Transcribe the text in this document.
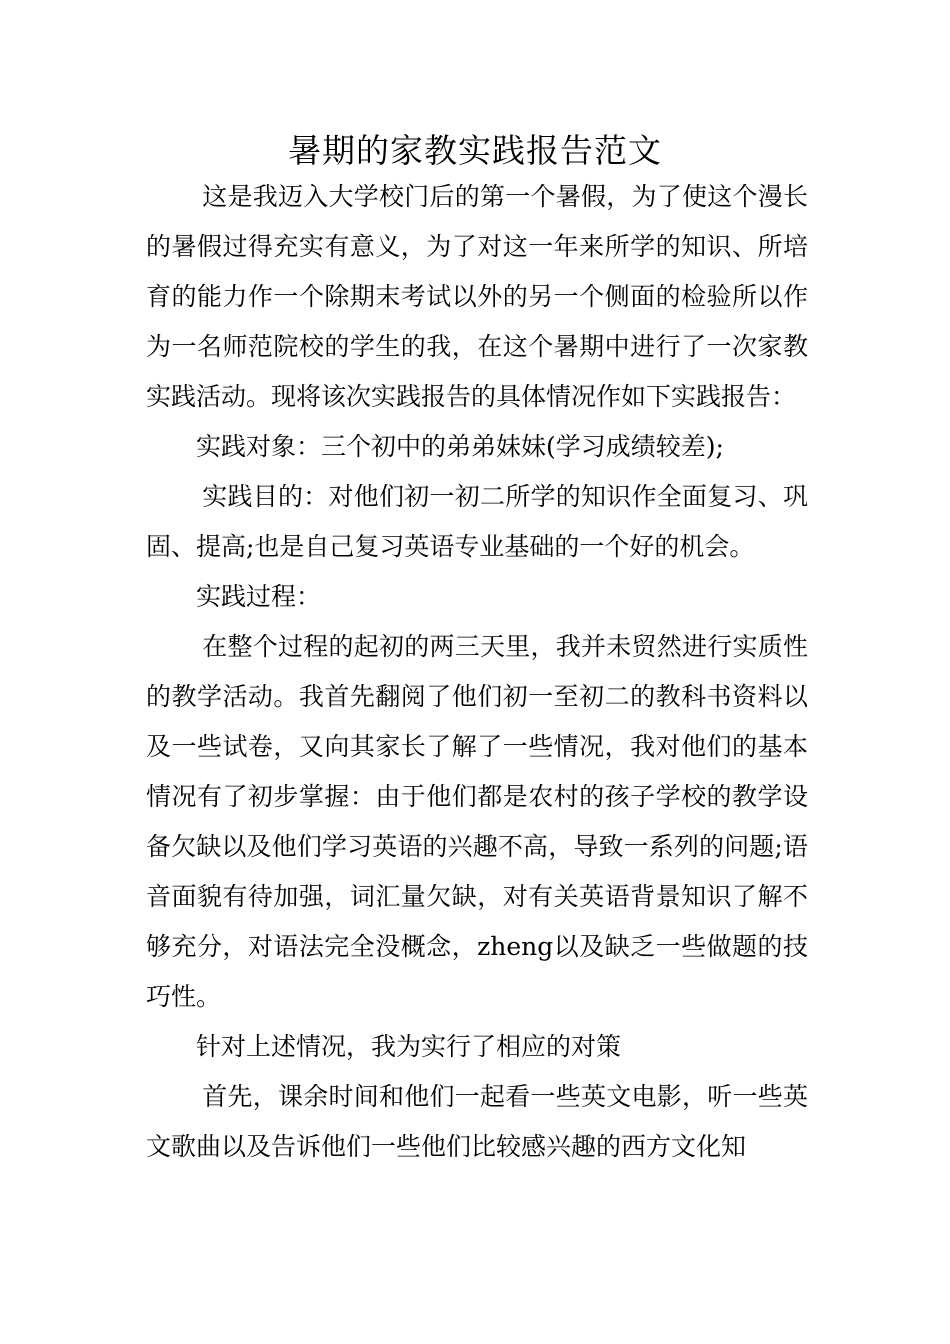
暑期的家教实践报告范文

这是我迈入大学校门后的第一个暑假，为了使这个漫长的暑假过得充实有意义，为了对这一年来所学的知识、所培育的能力作一个除期末考试以外的另一个侧面的检验所以作为一名师范院校的学生的我，在这个暑期中进行了一次家教实践活动。现将该次实践报告的具体情况作如下实践报告：

实践对象：三个初中的弟弟妹妹(学习成绩较差);

实践目的：对他们初一初二所学的知识作全面复习、巩固、提高;也是自己复习英语专业基础的一个好的机会。

实践过程：

在整个过程的起初的两三天里，我并未贸然进行实质性的教学活动。我首先翻阅了他们初一至初二的教科书资料以及一些试卷，又向其家长了解了一些情况，我对他们的基本情况有了初步掌握：由于他们都是农村的孩子学校的教学设备欠缺以及他们学习英语的兴趣不高，导致一系列的问题;语音面貌有待加强，词汇量欠缺，对有关英语背景知识了解不够充分，对语法完全没概念，zheng以及缺乏一些做题的技巧性。

针对上述情况，我为实行了相应的对策

首先，课余时间和他们一起看一些英文电影，听一些英文歌曲以及告诉他们一些他们比较感兴趣的西方文化知
